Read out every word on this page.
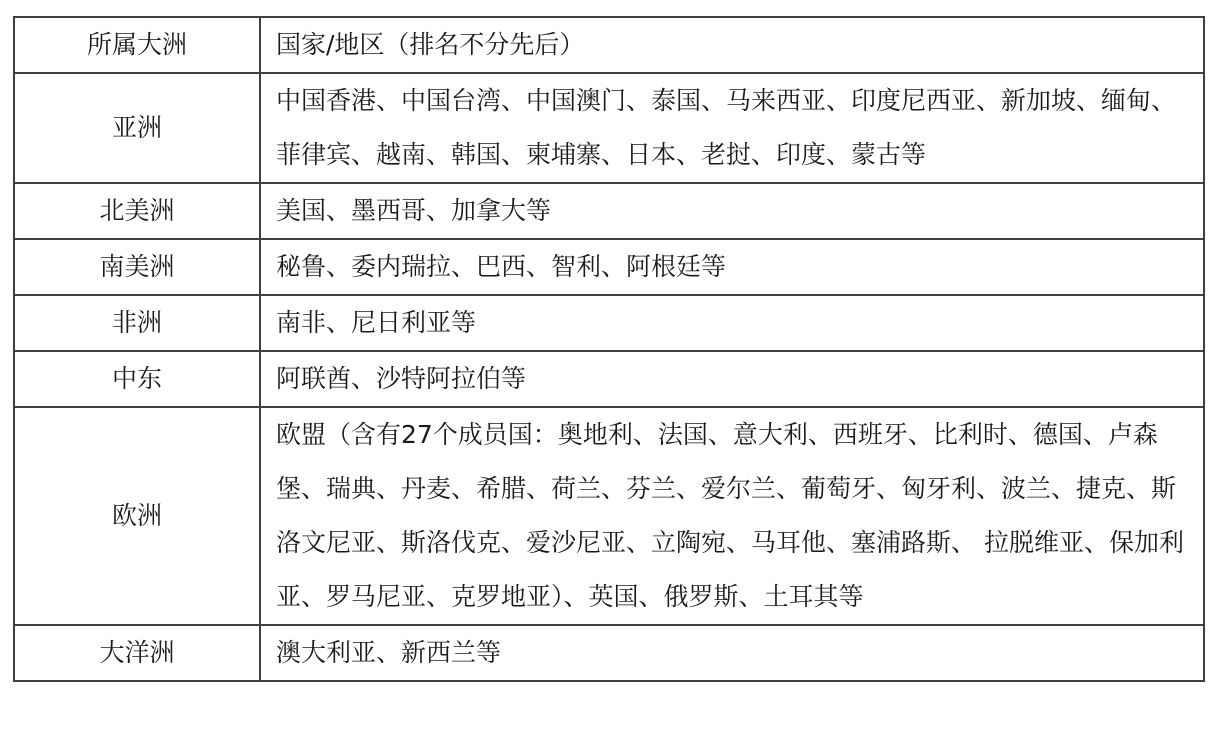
所属大洲	国家/地区（排名不分先后）
亚洲	中国香港、中国台湾、中国澳门、泰国、马来西亚、印度尼西亚、新加坡、缅甸、菲律宾、越南、韩国、柬埔寨、日本、老挝、印度、蒙古等
北美洲	美国、墨西哥、加拿大等
南美洲	秘鲁、委内瑞拉、巴西、智利、阿根廷等
非洲	南非、尼日利亚等
中东	阿联酋、沙特阿拉伯等
欧洲	欧盟（含有27个成员国：奥地利、法国、意大利、西班牙、比利时、德国、卢森堡、瑞典、丹麦、希腊、荷兰、芬兰、爱尔兰、葡萄牙、匈牙利、波兰、捷克、斯洛文尼亚、斯洛伐克、爱沙尼亚、立陶宛、马耳他、塞浦路斯、 拉脱维亚、保加利亚、罗马尼亚、克罗地亚）、英国、俄罗斯、土耳其等
大洋洲	澳大利亚、新西兰等
